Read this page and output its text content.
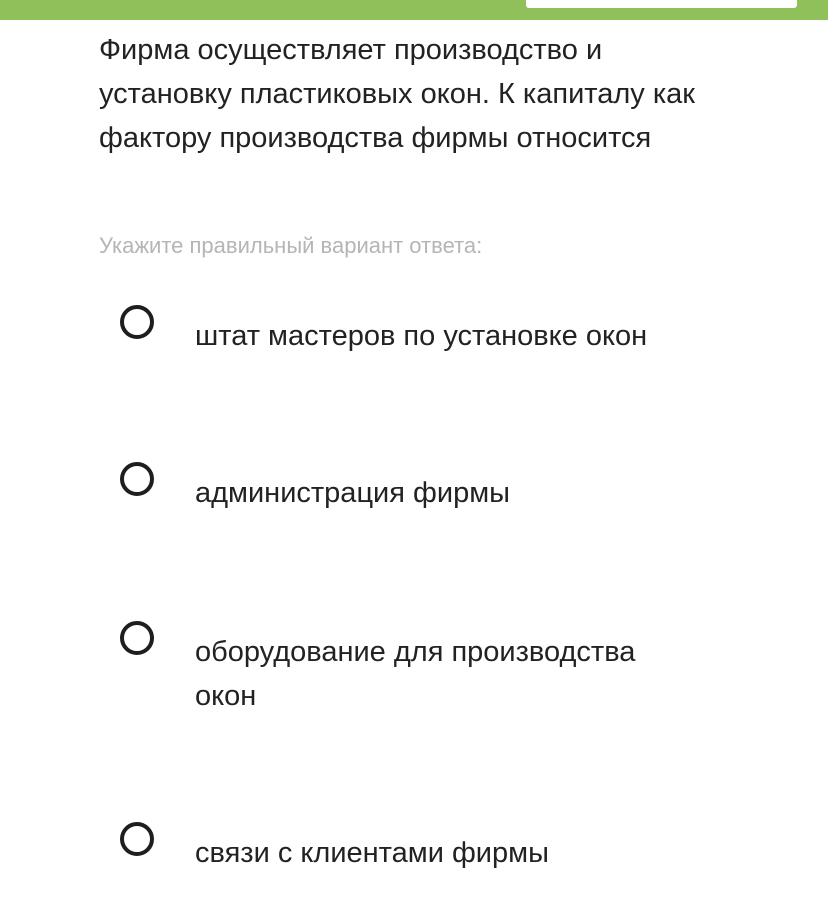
Фирма осуществляет производство и установку пластиковых окон. К капиталу как фактору производства фирмы относится

Укажите правильный вариант ответа:

штат мастеров по установке окон
администрация фирмы
оборудование для производства окон
связи с клиентами фирмы
